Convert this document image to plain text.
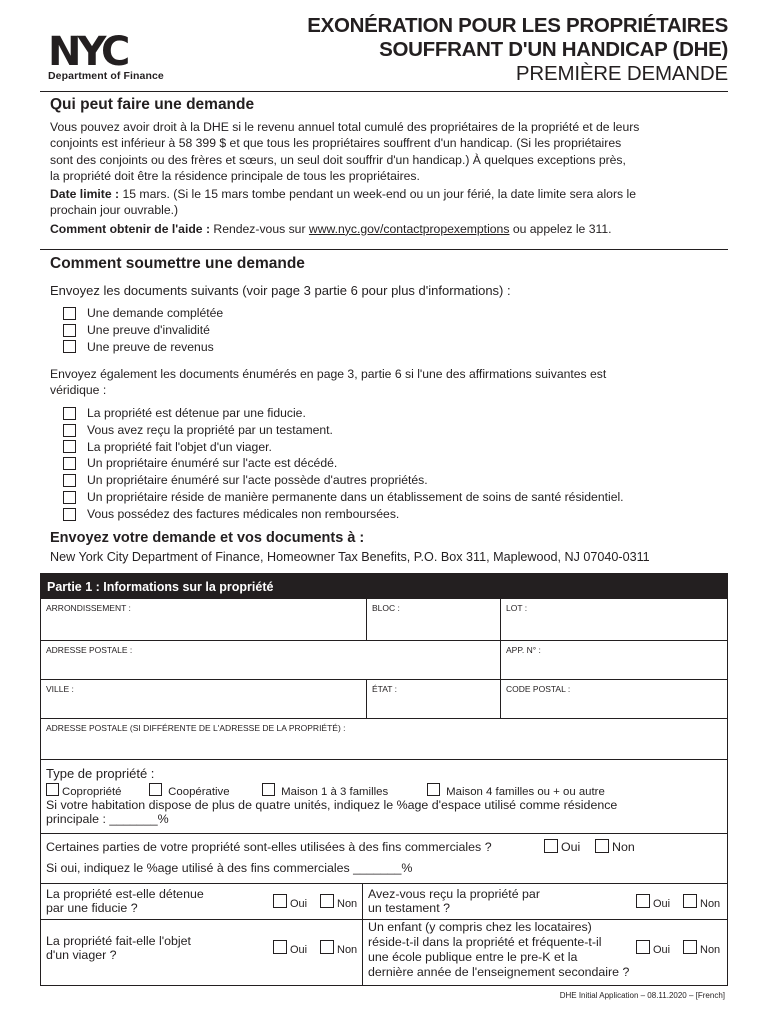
NYC
Department of Finance
EXONÉRATION POUR LES PROPRIÉTAIRES
SOUFFRANT D'UN HANDICAP (DHE)
PREMIÈRE DEMANDE
Qui peut faire une demande
Vous pouvez avoir droit à la DHE si le revenu annuel total cumulé des propriétaires de la propriété et de leurs
conjoints est inférieur à 58 399 $ et que tous les propriétaires souffrent d'un handicap. (Si les propriétaires
sont des conjoints ou des frères et sœurs, un seul doit souffrir d'un handicap.) À quelques exceptions près,
la propriété doit être la résidence principale de tous les propriétaires.
Date limite : 15 mars. (Si le 15 mars tombe pendant un week-end ou un jour férié, la date limite sera alors le
prochain jour ouvrable.)
Comment obtenir de l'aide : Rendez-vous sur www.nyc.gov/contactpropexemptions ou appelez le 311.
Comment soumettre une demande
Envoyez les documents suivants (voir page 3 partie 6 pour plus d'informations) :
Une demande complétée
Une preuve d'invalidité
Une preuve de revenus
Envoyez également les documents énumérés en page 3, partie 6 si l'une des affirmations suivantes est
véridique :
La propriété est détenue par une fiducie.
Vous avez reçu la propriété par un testament.
La propriété fait l'objet d'un viager.
Un propriétaire énuméré sur l'acte est décédé.
Un propriétaire énuméré sur l'acte possède d'autres propriétés.
Un propriétaire réside de manière permanente dans un établissement de soins de santé résidentiel.
Vous possédez des factures médicales non remboursées.
Envoyez votre demande et vos documents à :
New York City Department of Finance, Homeowner Tax Benefits, P.O. Box 311, Maplewood, NJ 07040-0311
Partie 1 : Informations sur la propriété
ARRONDISSEMENT :	BLOC :	LOT :
ADRESSE POSTALE :	APP. N° :
VILLE :	ÉTAT :	CODE POSTAL :
ADRESSE POSTALE (SI DIFFÉRENTE DE L'ADRESSE DE LA PROPRIÉTÉ) :
Type de propriété :
Copropriété	Coopérative	Maison 1 à 3 familles	Maison 4 familles ou + ou autre
Si votre habitation dispose de plus de quatre unités, indiquez le %age d'espace utilisé comme résidence
principale : _______%
Certaines parties de votre propriété sont-elles utilisées à des fins commerciales ?	Oui	Non
Si oui, indiquez le %age utilisé à des fins commerciales _______%
La propriété est-elle détenue
par une fiducie ?	Oui	Non
Avez-vous reçu la propriété par
un testament ?	Oui	Non
La propriété fait-elle l'objet
d'un viager ?	Oui	Non
Un enfant (y compris chez les locataires)
réside-t-il dans la propriété et fréquente-t-il
une école publique entre le pre-K et la
dernière année de l'enseignement secondaire ?
Oui	Non
DHE Initial Application – 08.11.2020 – [French]
